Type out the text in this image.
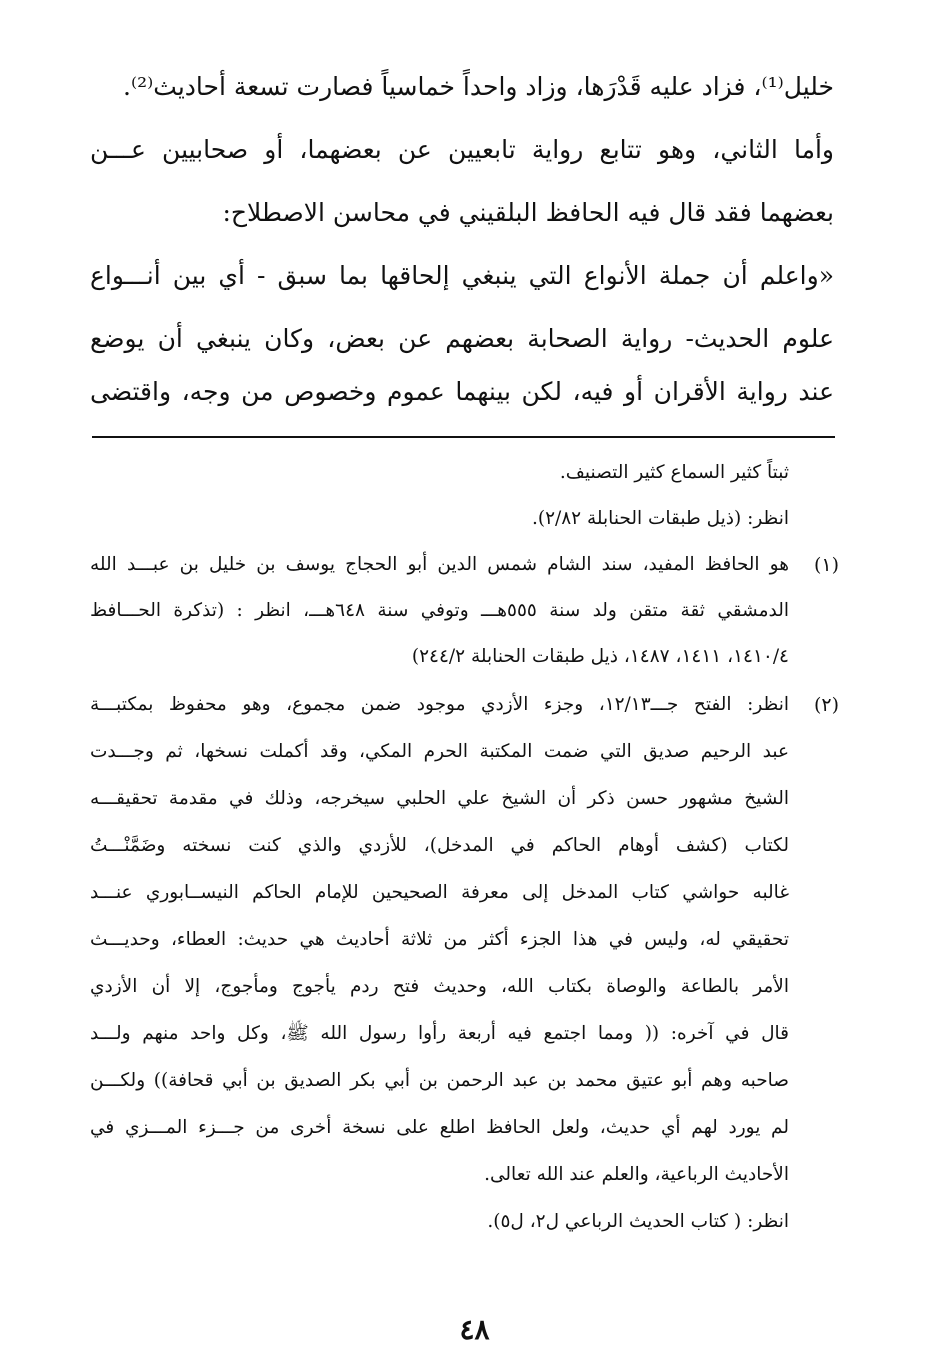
خليل⁽¹⁾، فزاد عليه قَدْرَها، وزاد واحداً خماسياً فصارت تسعة أحاديث⁽²⁾.
وأما الثاني، وهو تتابع رواية تابعيين عن بعضهما، أو صحابيين عـــن
بعضهما فقد قال فيه الحافظ البلقيني في محاسن الاصطلاح:
«واعلم أن جملة الأنواع التي ينبغي إلحاقها بما سبق - أي بين أنـــواع
علوم الحديث- رواية الصحابة بعضهم عن بعض، وكان ينبغي أن يوضع
عند رواية الأقران أو فيه، لكن بينهما عموم وخصوص من وجه، واقتضى
ثبتاً كثير السماع كثير التصنيف.
انظر: (ذيل طبقات الحنابلة ٢/٨٢).
(١)
هو الحافظ المفيد، سند الشام شمس الدين أبو الحجاج يوسف بن خليل بن عبـــد الله
الدمشقي ثقة متقن ولد سنة ٥٥٥هـــ وتوفي سنة ٦٤٨هـــ، انظر : (تذكرة الحـــافظ
١٤١٠/٤، ١٤١١، ١٤٨٧، ذيل طبقات الحنابلة ٢٤٤/٢)
(٢)
انظر: الفتح جـــ١٢/١٣، وجزء الأزدي موجود ضمن مجموع، وهو محفوظ بمكتبـــة
عبد الرحيم صديق التي ضمت المكتبة الحرم المكي، وقد أكملت نسخها، ثم وجـــدت
الشيخ مشهور حسن ذكر أن الشيخ علي الحلبي سيخرجه، وذلك في مقدمة تحقيقـــه
لكتاب (كشف أوهام الحاكم في المدخل)، للأزدي والذي كنت نسخته وضَمَّنْـــتُ
غالبه حواشي كتاب المدخل إلى معرفة الصحيحين للإمام الحاكم النيســابوري عنـــد
تحقيقي له، وليس في هذا الجزء أكثر من ثلاثة أحاديث هي حديث: العطاء، وحديـــث
الأمر بالطاعة والوصاة بكتاب الله، وحديث فتح ردم يأجوج ومأجوج، إلا أن الأزدي
قال في آخره: (( ومما اجتمع فيه أربعة رأوا رسول الله ﷺ، وكل واحد منهم ولـــد
صاحبه وهم أبو عتيق محمد بن عبد الرحمن بن أبي بكر الصديق بن أبي قحافة)) ولكـــن
لم يورد لهم أي حديث، ولعل الحافظ اطلع على نسخة أخرى من جـــزء المـــزي في
الأحاديث الرباعية، والعلم عند الله تعالى.
انظر: ( كتاب الحديث الرباعي ل٢، ل٥).
٤٨
